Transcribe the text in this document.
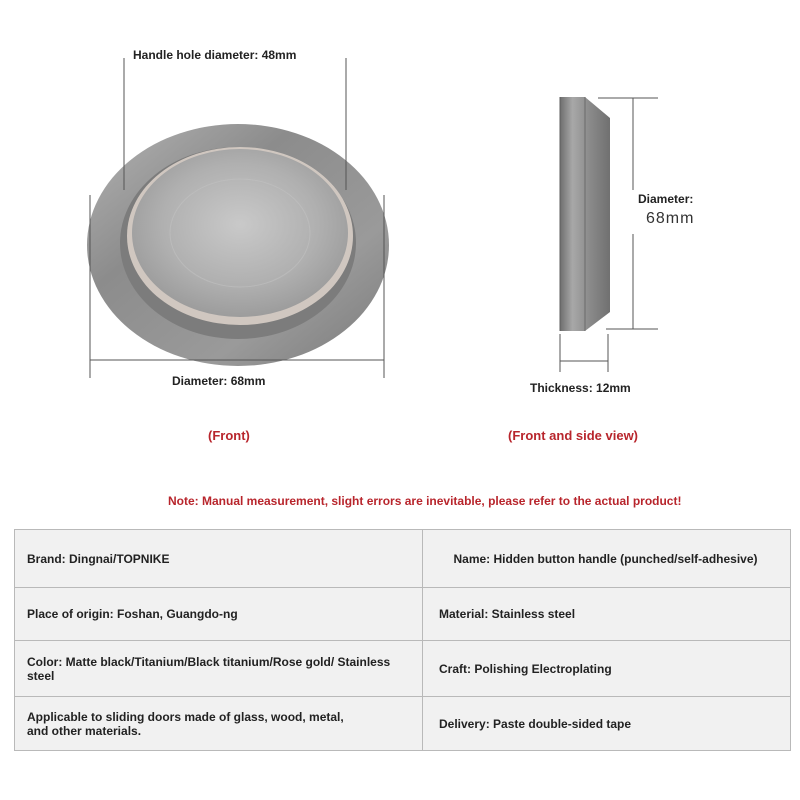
Handle hole diameter: 48mm
Diameter: 68mm
(Front)
Diameter:
68mm
Thickness: 12mm
(Front and side view)
Note: Manual measurement, slight errors are inevitable, please refer to the actual product!
Brand: Dingnai/TOPNIKE	Name: Hidden button handle (punched/self-adhesive)
Place of origin: Foshan, Guangdo-ng	Material: Stainless steel
Color: Matte black/Titanium/Black titanium/Rose gold/ Stainless steel	Craft: Polishing Electroplating
Applicable to sliding doors made of glass, wood, metal, and other materials.	Delivery: Paste double-sided tape
